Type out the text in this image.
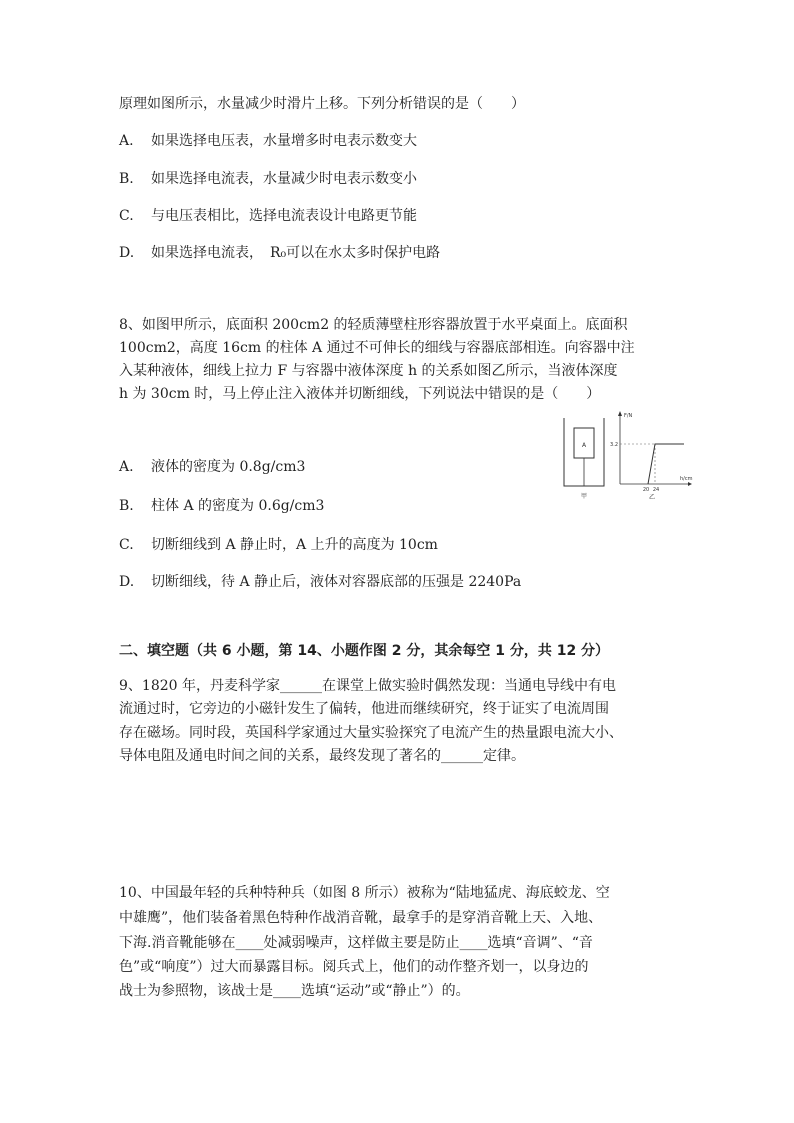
原理如图所示，水量减少时滑片上移。下列分析错误的是（　　）
A. 如果选择电压表，水量增多时电表示数变大
B. 如果选择电流表，水量减少时电表示数变小
C. 与电压表相比，选择电流表设计电路更节能
D. 如果选择电流表，　R₀可以在水太多时保护电路
8、如图甲所示，底面积 200cm2 的轻质薄壁柱形容器放置于水平桌面上。底面积
100cm2，高度 16cm 的柱体 A 通过不可伸长的细线与容器底部相连。向容器中注
入某种液体，细线上拉力 F 与容器中液体深度 h 的关系如图乙所示，当液体深度
h 为 30cm 时，马上停止注入液体并切断细线，下列说法中错误的是（　　）
A
甲
F/N
h/cm
3.2
20 24
乙
A. 液体的密度为 0.8g/cm3
B. 柱体 A 的密度为 0.6g/cm3
C. 切断细线到 A 静止时，A 上升的高度为 10cm
D. 切断细线，待 A 静止后，液体对容器底部的压强是 2240Pa
二、填空题（共 6 小题，第 14、小题作图 2 分，其余每空 1 分，共 12 分）
9、1820 年，丹麦科学家______在课堂上做实验时偶然发现：当通电导线中有电
流通过时，它旁边的小磁针发生了偏转，他进而继续研究，终于证实了电流周围
存在磁场。同时段，英国科学家通过大量实验探究了电流产生的热量跟电流大小、
导体电阻及通电时间之间的关系，最终发现了著名的______定律。
10、中国最年轻的兵种特种兵（如图 8 所示）被称为“陆地猛虎、海底蛟龙、空
中雄鹰”，他们装备着黑色特种作战消音靴，最拿手的是穿消音靴上天、入地、
下海.消音靴能够在____处减弱噪声，这样做主要是防止____选填“音调”、“音
色”或“响度”）过大而暴露目标。阅兵式上，他们的动作整齐划一，以身边的
战士为参照物，该战士是____选填“运动”或“静止”）的。
